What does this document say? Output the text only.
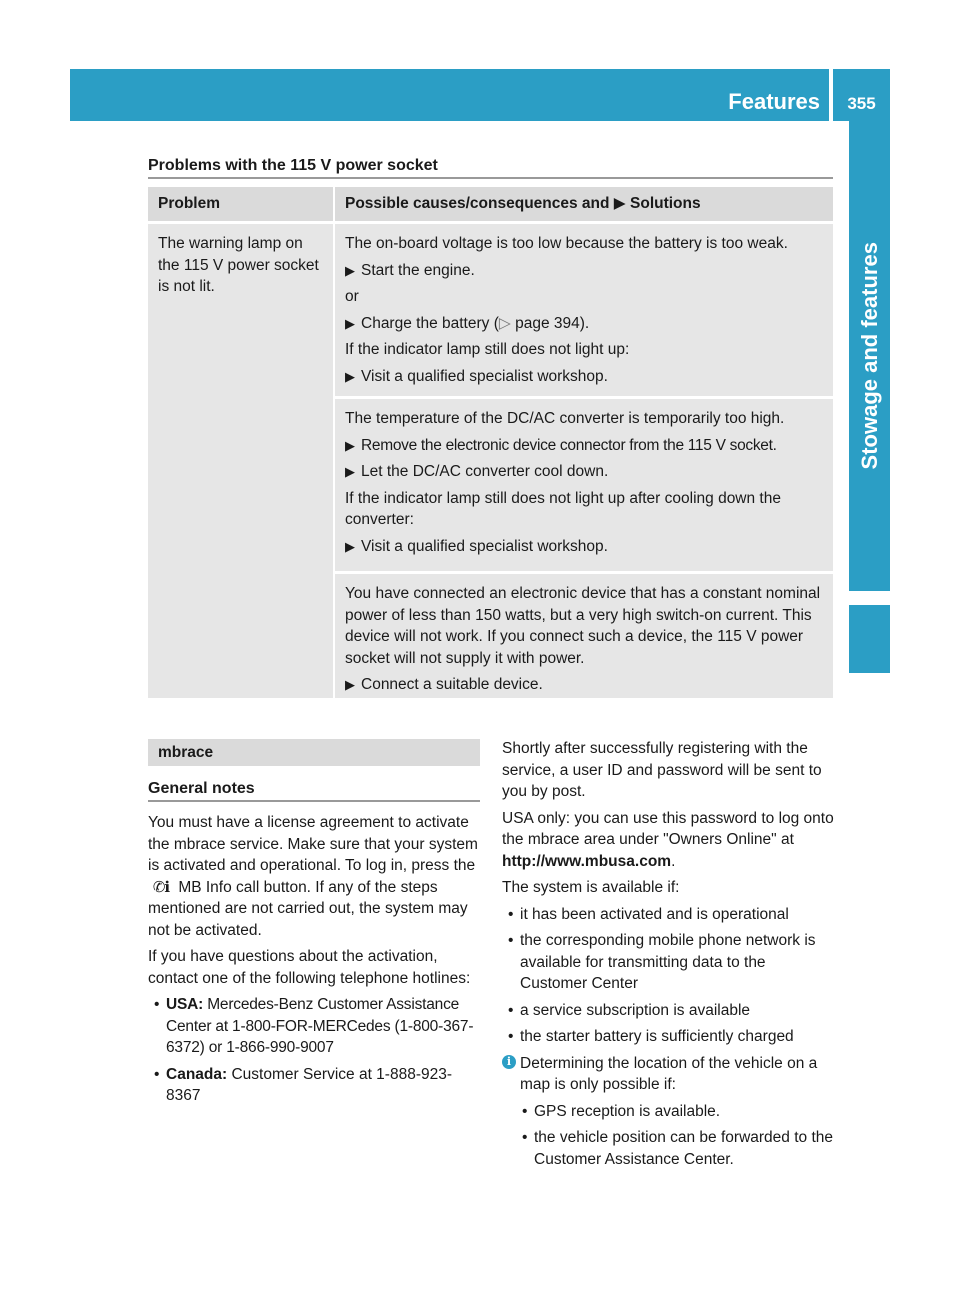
Features	355
Stowage and features
Problems with the 115 V power socket
Problem	Possible causes/consequences and ▶ Solutions
The warning lamp on the 115 V power socket is not lit.
The on-board voltage is too low because the battery is too weak.
▶ Start the engine.
or
▶ Charge the battery (▷ page 394).
If the indicator lamp still does not light up:
▶ Visit a qualified specialist workshop.
The temperature of the DC/AC converter is temporarily too high.
▶ Remove the electronic device connector from the 115 V socket.
▶ Let the DC/AC converter cool down.
If the indicator lamp still does not light up after cooling down the converter:
▶ Visit a qualified specialist workshop.
You have connected an electronic device that has a constant nominal power of less than 150 watts, but a very high switch-on current. This device will not work. If you connect such a device, the 115 V power socket will not supply it with power.
▶ Connect a suitable device.
mbrace
General notes
You must have a license agreement to activate the mbrace service. Make sure that your system is activated and operational. To log in, press the ✆ℹ MB Info call button. If any of the steps mentioned are not carried out, the system may not be activated.
If you have questions about the activation, contact one of the following telephone hotlines:
• USA: Mercedes-Benz Customer Assistance Center at 1-800-FOR-MERCedes (1-800-367-6372) or 1-866-990-9007
• Canada: Customer Service at 1-888-923-8367
Shortly after successfully registering with the service, a user ID and password will be sent to you by post.
USA only: you can use this password to log onto the mbrace area under "Owners Online" at http://www.mbusa.com.
The system is available if:
• it has been activated and is operational
• the corresponding mobile phone network is available for transmitting data to the Customer Center
• a service subscription is available
• the starter battery is sufficiently charged
i Determining the location of the vehicle on a map is only possible if:
• GPS reception is available.
• the vehicle position can be forwarded to the Customer Assistance Center.
